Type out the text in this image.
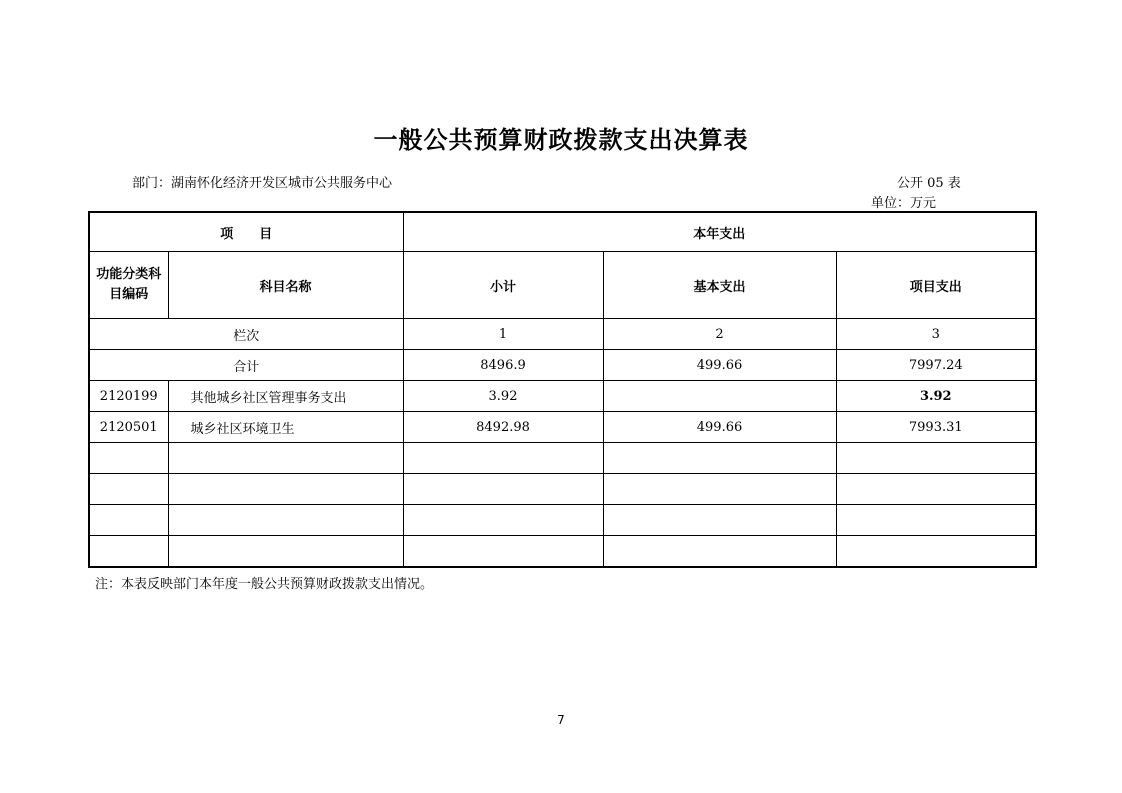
一般公共预算财政拨款支出决算表
部门：湖南怀化经济开发区城市公共服务中心	公开 05 表
单位：万元
项　　目		本年支出		
功能分类科目编码	科目名称	小计	基本支出	项目支出
栏次		1	2	3
合计		8496.9	499.66	7997.24
2120199	其他城乡社区管理事务支出	3.92		3.92
2120501	城乡社区环境卫生	8492.98	499.66	7993.31

注：本表反映部门本年度一般公共预算财政拨款支出情况。
7
